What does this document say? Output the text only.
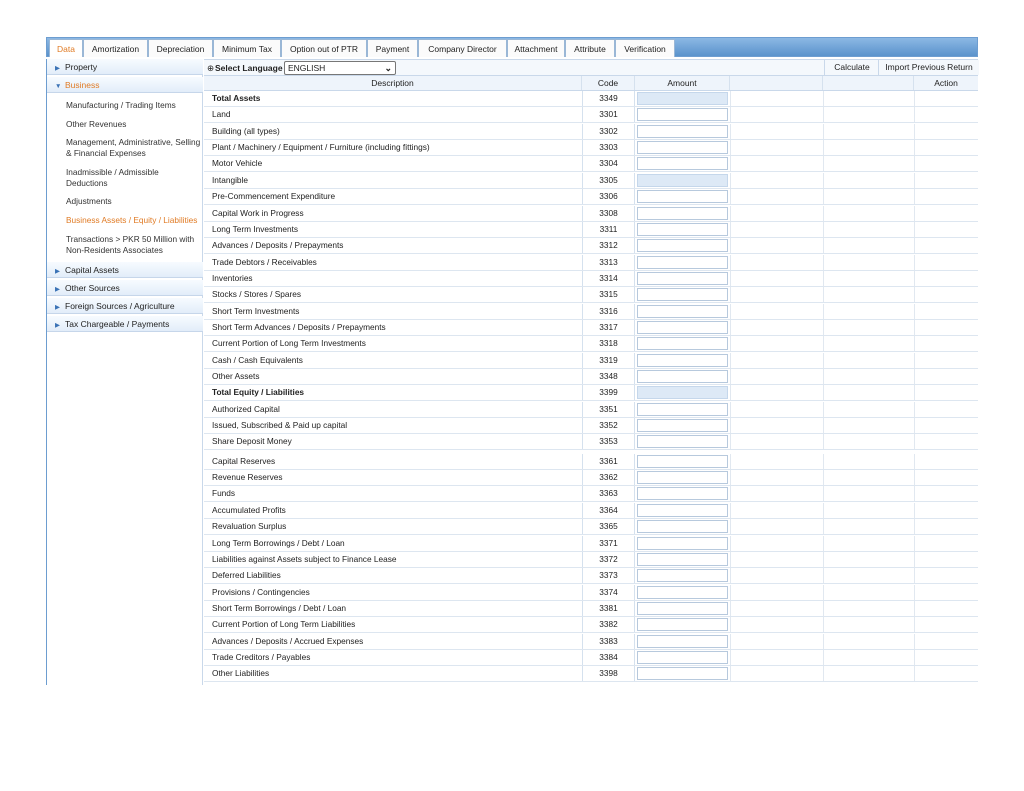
Data	Amortization	Depreciation	Minimum Tax	Option out of PTR	Payment	Company Director	Attachment	Attribute	Verification
▶ Property
▼ Business
Manufacturing / Trading Items
Other Revenues
Management, Administrative, Selling & Financial Expenses
Inadmissible / Admissible Deductions
Adjustments
Business Assets / Equity / Liabilities
Transactions > PKR 50 Million with Non-Residents Associates
▶ Capital Assets
▶ Other Sources
▶ Foreign Sources / Agriculture
▶ Tax Chargeable / Payments
⊕ Select Language ENGLISH	⌄	Calculate	Import Previous Return
Description	Code	Amount	Action
Total Assets	3349
Land	3301
Building (all types)	3302
Plant / Machinery / Equipment / Furniture (including fittings)	3303
Motor Vehicle	3304
Intangible	3305
Pre-Commencement Expenditure	3306
Capital Work in Progress	3308
Long Term Investments	3311
Advances / Deposits / Prepayments	3312
Trade Debtors / Receivables	3313
Inventories	3314
Stocks / Stores / Spares	3315
Short Term Investments	3316
Short Term Advances / Deposits / Prepayments	3317
Current Portion of Long Term Investments	3318
Cash / Cash Equivalents	3319
Other Assets	3348
Total Equity / Liabilities	3399
Authorized Capital	3351
Issued, Subscribed & Paid up capital	3352
Share Deposit Money	3353
Capital Reserves	3361
Revenue Reserves	3362
Funds	3363
Accumulated Profits	3364
Revaluation Surplus	3365
Long Term Borrowings / Debt / Loan	3371
Liabilities against Assets subject to Finance Lease	3372
Deferred Liabilities	3373
Provisions / Contingencies	3374
Short Term Borrowings / Debt / Loan	3381
Current Portion of Long Term Liabilities	3382
Advances / Deposits / Accrued Expenses	3383
Trade Creditors / Payables	3384
Other Liabilities	3398
